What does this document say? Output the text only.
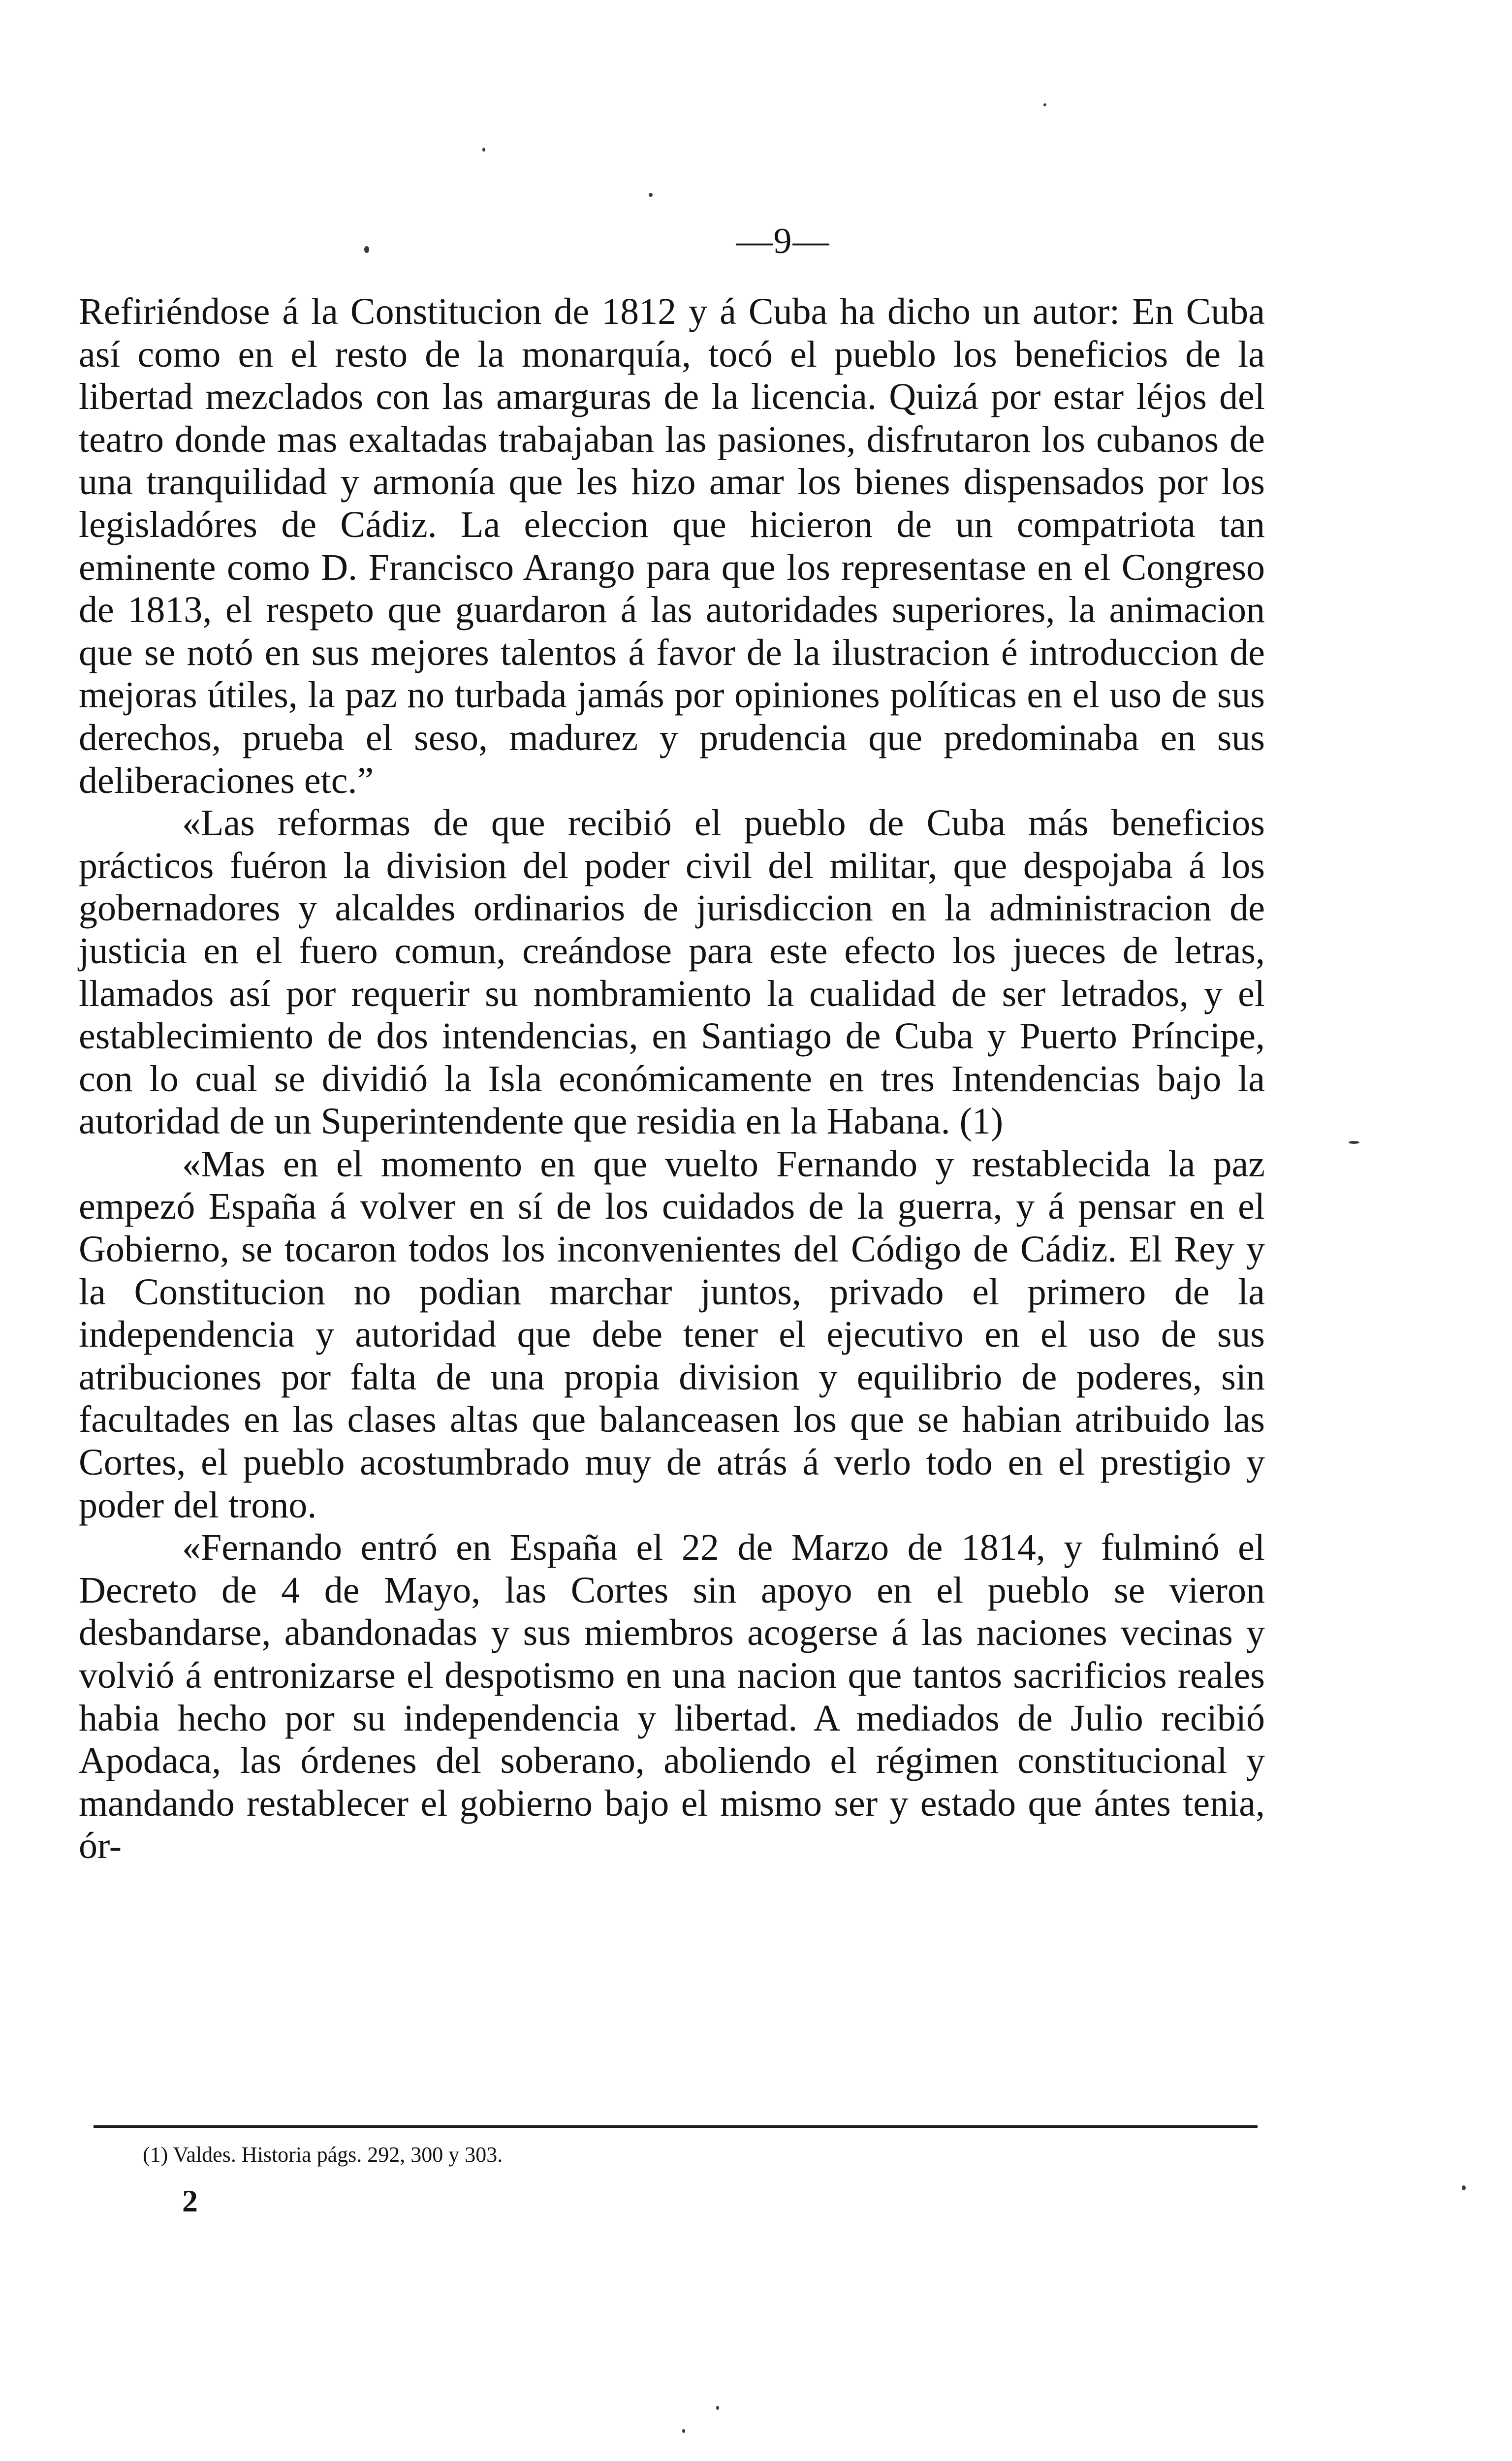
—9—

Refiriéndose á la Constitucion de 1812 y á Cuba ha dicho un autor: En Cuba así como en el resto de la monarquía, tocó el pueblo los beneficios de la libertad mezclados con las amarguras de la licencia. Quizá por estar léjos del teatro donde mas exaltadas trabajaban las pasiones, disfrutaron los cubanos de una tranquilidad y armonía que les hizo amar los bienes dispensados por los legisladóres de Cádiz. La eleccion que hicieron de un compatriota tan eminente como D. Francisco Arango para que los representase en el Congreso de 1813, el respeto que guardaron á las autoridades superiores, la animacion que se notó en sus mejores talentos á favor de la ilustracion é introduccion de mejoras útiles, la paz no turbada jamás por opiniones políticas en el uso de sus derechos, prueba el seso, madurez y prudencia que predominaba en sus deliberaciones etc.”

«Las reformas de que recibió el pueblo de Cuba más beneficios prácticos fuéron la division del poder civil del militar, que despojaba á los gobernadores y alcaldes ordinarios de jurisdiccion en la administracion de justicia en el fuero comun, creándose para este efecto los jueces de letras, llamados así por requerir su nombramiento la cualidad de ser letrados, y el establecimiento de dos intendencias, en Santiago de Cuba y Puerto Príncipe, con lo cual se dividió la Isla económicamente en tres Intendencias bajo la autoridad de un Superintendente que residia en la Habana. (1)

«Mas en el momento en que vuelto Fernando y restablecida la paz empezó España á volver en sí de los cuidados de la guerra, y á pensar en el Gobierno, se tocaron todos los inconvenientes del Código de Cádiz. El Rey y la Constitucion no podian marchar juntos, privado el primero de la independencia y autoridad que debe tener el ejecutivo en el uso de sus atribuciones por falta de una propia division y equilibrio de poderes, sin facultades en las clases altas que balanceasen los que se habian atribuido las Cortes, el pueblo acostumbrado muy de atrás á verlo todo en el prestigio y poder del trono.

«Fernando entró en España el 22 de Marzo de 1814, y fulminó el Decreto de 4 de Mayo, las Cortes sin apoyo en el pueblo se vieron desbandarse, abandonadas y sus miembros acogerse á las naciones vecinas y volvió á entronizarse el despotismo en una nacion que tantos sacrificios reales habia hecho por su independencia y libertad. A mediados de Julio recibió Apodaca, las órdenes del soberano, aboliendo el régimen constitucional y mandando restablecer el gobierno bajo el mismo ser y estado que ántes tenia, ór-

(1) Valdes. Historia págs. 292, 300 y 303.
2
